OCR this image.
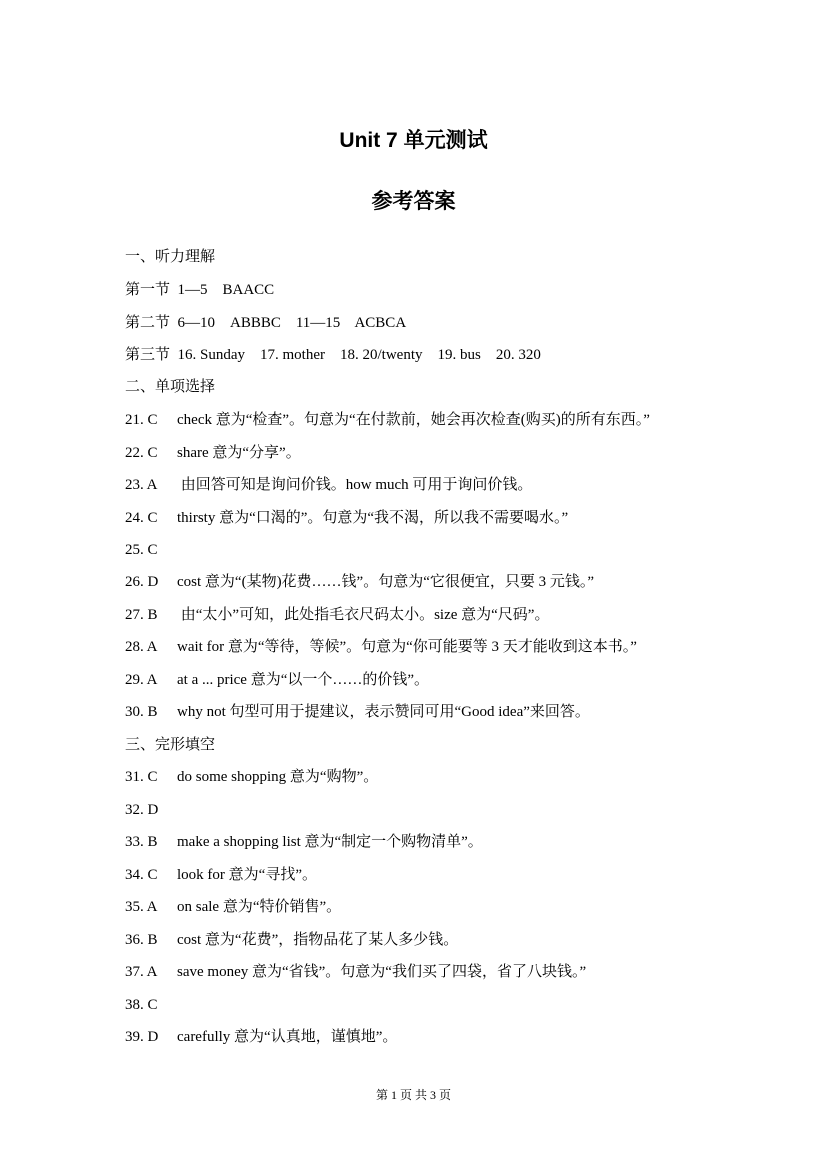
Unit 7 单元测试
参考答案
一、听力理解
第一节  1—5    BAACC
第二节  6—10    ABBBC    11—15    ACBCA
第三节  16. Sunday    17. mother    18. 20/twenty    19. bus    20. 320
二、单项选择
21. C check 意为“检查”。句意为“在付款前，她会再次检查(购买)的所有东西。”
22. C share 意为“分享”。
23. A 由回答可知是询问价钱。how much 可用于询问价钱。
24. C thirsty 意为“口渴的”。句意为“我不渴，所以我不需要喝水。”
25. C
26. D cost 意为“(某物)花费……钱”。句意为“它很便宜，只要 3 元钱。”
27. B 由“太小”可知，此处指毛衣尺码太小。size 意为“尺码”。
28. A wait for 意为“等待，等候”。句意为“你可能要等 3 天才能收到这本书。”
29. A at a ... price 意为“以一个……的价钱”。
30. B why not 句型可用于提建议，表示赞同可用“Good idea”来回答。
三、完形填空
31. C do some shopping 意为“购物”。
32. D
33. B make a shopping list 意为“制定一个购物清单”。
34. C look for 意为“寻找”。
35. A on sale 意为“特价销售”。
36. B cost 意为“花费”，指物品花了某人多少钱。
37. A save money 意为“省钱”。句意为“我们买了四袋，省了八块钱。”
38. C
39. D carefully 意为“认真地，谨慎地”。
第 1 页 共 3 页
